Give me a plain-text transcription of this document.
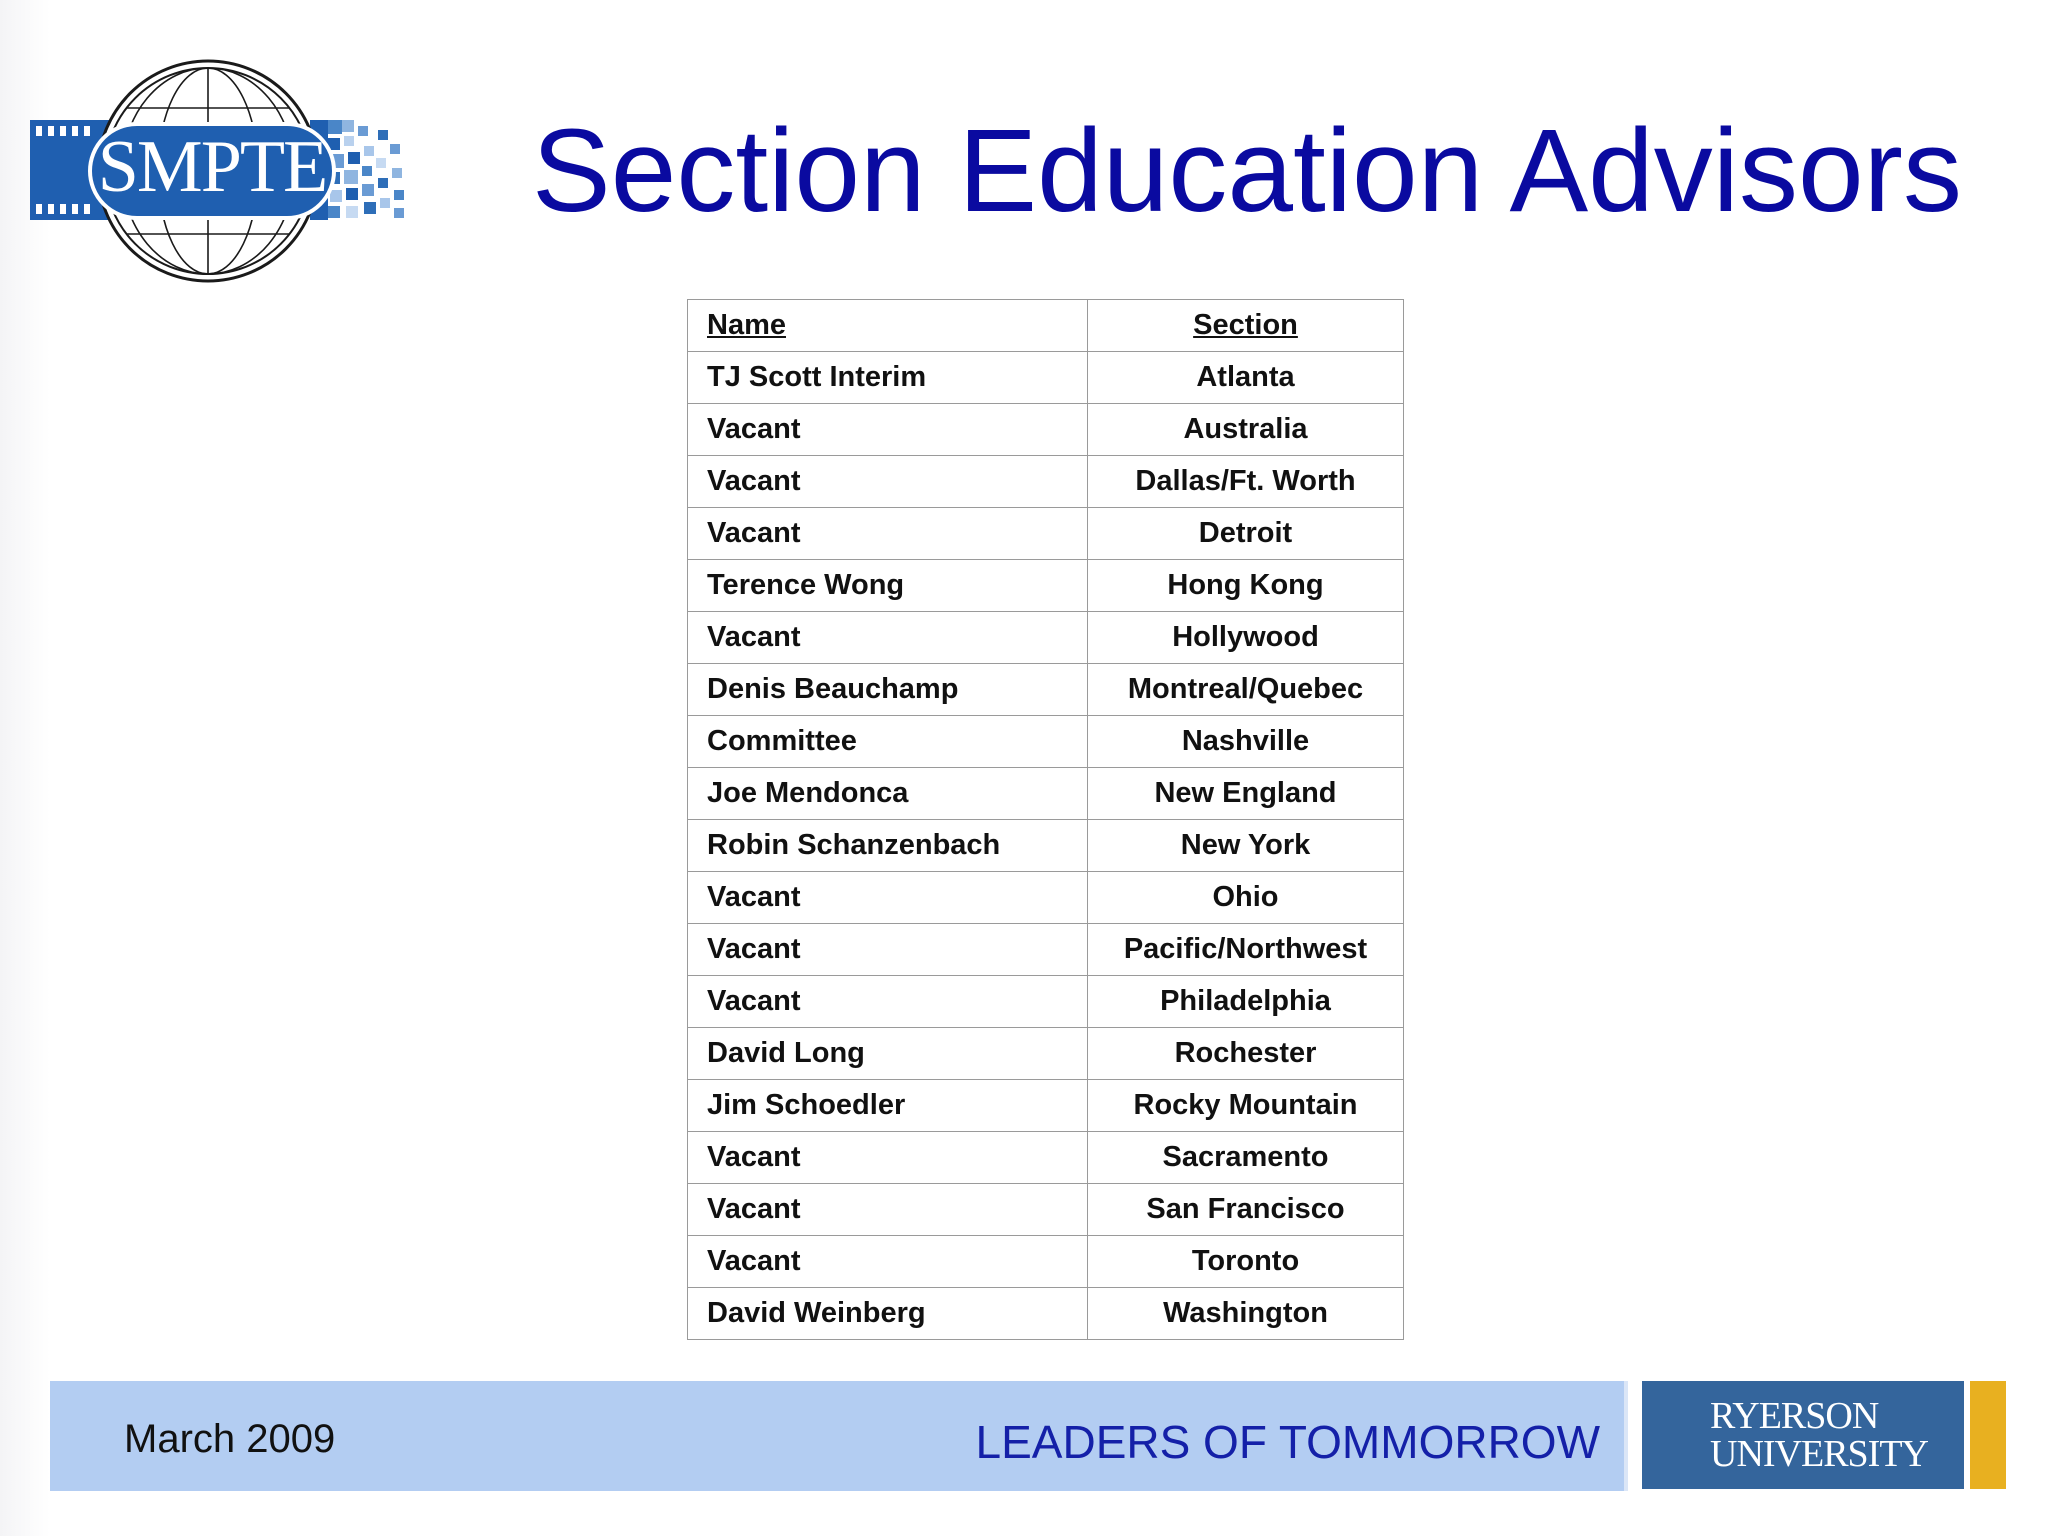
SMPTE Section Education Advisors
Name	Section
TJ Scott Interim	Atlanta
Vacant	Australia
Vacant	Dallas/Ft. Worth
Vacant	Detroit
Terence Wong	Hong Kong
Vacant	Hollywood
Denis Beauchamp	Montreal/Quebec
Committee	Nashville
Joe Mendonca	New England
Robin Schanzenbach	New York
Vacant	Ohio
Vacant	Pacific/Northwest
Vacant	Philadelphia
David Long	Rochester
Jim Schoedler	Rocky Mountain
Vacant	Sacramento
Vacant	San Francisco
Vacant	Toronto
David Weinberg	Washington
March 2009	LEADERS OF TOMMORROW	RYERSON
UNIVERSITY
